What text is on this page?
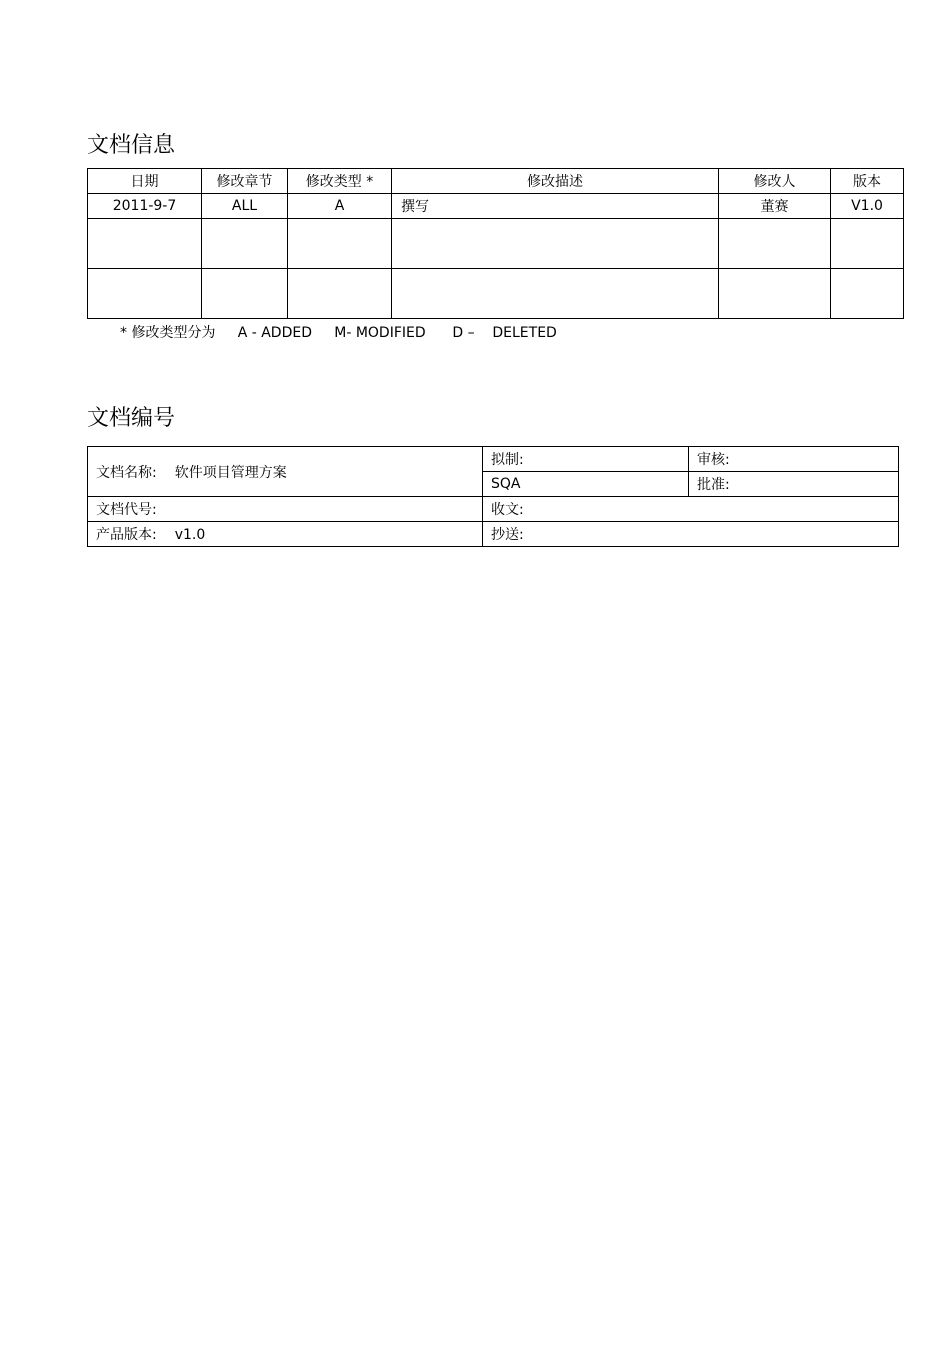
文档信息
日期	修改章节	修改类型 *	修改描述	修改人	版本
2011-9-7	ALL	A	撰写	董赛	V1.0

* 修改类型分为     A - ADDED     M- MODIFIED      D –    DELETED
文档编号
文档名称: 软件项目管理方案	拟制:	审核:
	SQA	批准:
文档代号:	收文:	
产品版本: v1.0	抄送:	
